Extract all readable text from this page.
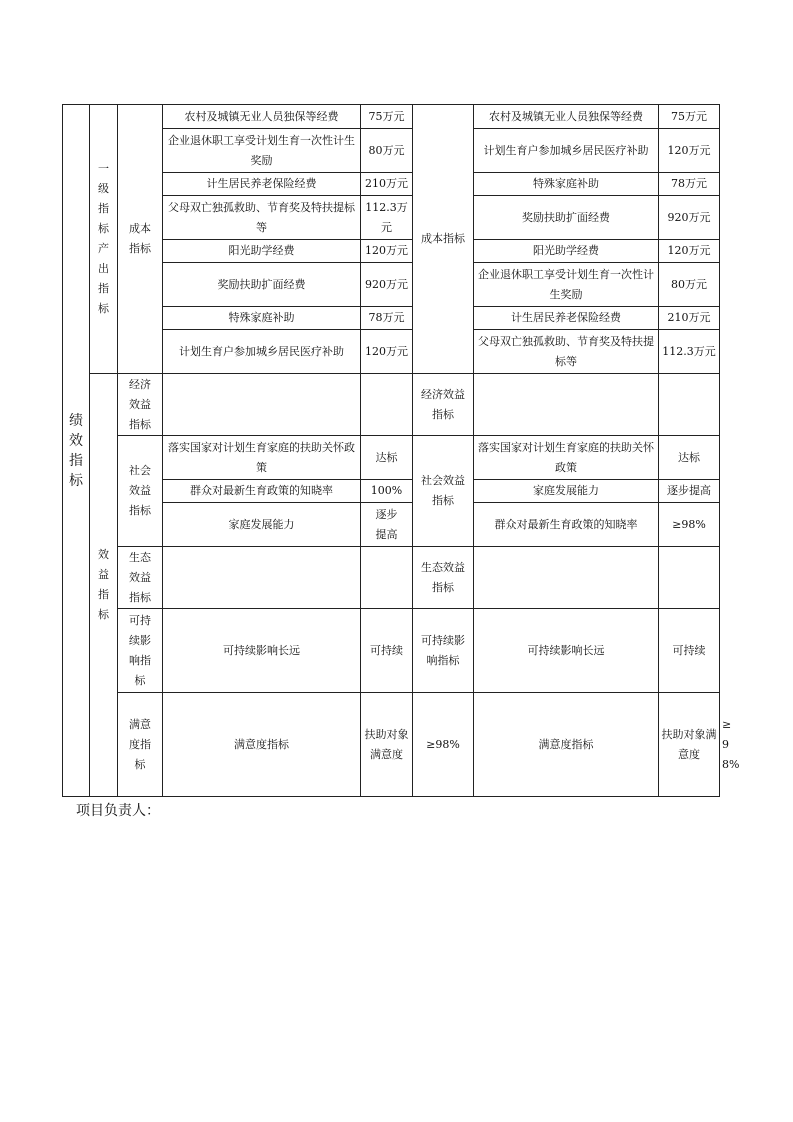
绩效指标	一级指标产出指标	成本指标	农村及城镇无业人员独保等经费	75万元	成本指标	农村及城镇无业人员独保等经费	75万元	
			企业退休职工享受计划生育一次性计生奖励	80万元		计划生育户参加城乡居民医疗补助	120万元	

			计生居民养老保险经费	210万元		特殊家庭补助	78万元	
			父母双亡独孤救助、节育奖及特扶提标等	112.3万元		奖励扶助扩面经费	920万元	

			阳光助学经费	120万元		阳光助学经费	120万元	
			奖励扶助扩面经费	920万元		企业退休职工享受计划生育一次性计生奖励	80万元	

			特殊家庭补助	78万元		计生居民养老保险经费	210万元	
			计划生育户参加城乡居民医疗补助	120万元		父母双亡独孤救助、节育奖及特扶提标等	112.3万元	

	效益指标	经济效益指标			经济效益指标			
		社会效益指标	落实国家对计划生育家庭的扶助关怀政策	达标	社会效益指标	落实国家对计划生育家庭的扶助关怀政策	达标	
			群众对最新生育政策的知晓率	100%		家庭发展能力	逐步提高	
			家庭发展能力	逐步提高		群众对最新生育政策的知晓率	≥98%	
		生态效益指标			生态效益指标			
		可持续影响指标	可持续影响长远	可持续	可持续影响指标	可持续影响长远	可持续	
		满意度指标	满意度指标	扶助对象满意度	≥98%	满意度指标	扶助对象满意度	≥98%
项目负责人：
